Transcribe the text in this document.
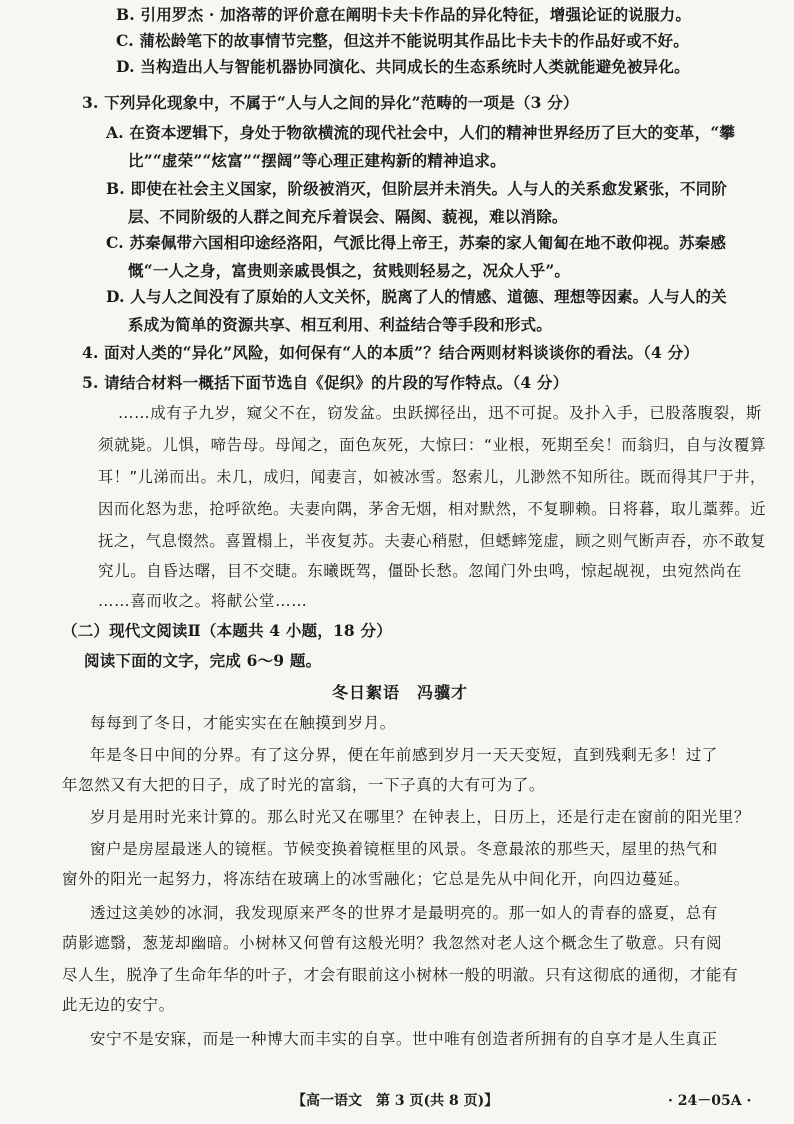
B. 引用罗杰 · 加洛蒂的评价意在阐明卡夫卡作品的异化特征，增强论证的说服力。
C. 蒲松龄笔下的故事情节完整，但这并不能说明其作品比卡夫卡的作品好或不好。
D. 当构造出人与智能机器协同演化、共同成长的生态系统时人类就能避免被异化。
3. 下列异化现象中，不属于“人与人之间的异化”范畴的一项是（3 分）
A. 在资本逻辑下，身处于物欲横流的现代社会中，人们的精神世界经历了巨大的变革，“攀
比”“虚荣”“炫富”“摆阔”等心理正建构新的精神追求。
B. 即使在社会主义国家，阶级被消灭，但阶层并未消失。人与人的关系愈发紧张，不同阶
层、不同阶级的人群之间充斥着误会、隔阂、藐视，难以消除。
C. 苏秦佩带六国相印途经洛阳，气派比得上帝王，苏秦的家人匍匐在地不敢仰视。苏秦感
慨“一人之身，富贵则亲戚畏惧之，贫贱则轻易之，况众人乎”。
D. 人与人之间没有了原始的人文关怀，脱离了人的情感、道德、理想等因素。人与人的关
系成为简单的资源共享、相互利用、利益结合等手段和形式。
4. 面对人类的“异化”风险，如何保有“人的本质”？结合两则材料谈谈你的看法。（4 分）
5. 请结合材料一概括下面节选自《促织》的片段的写作特点。（4 分）
……成有子九岁，窥父不在，窃发盆。虫跃掷径出，迅不可捉。及扑入手，已股落腹裂，斯
须就毙。儿惧，啼告母。母闻之，面色灰死，大惊曰：“业根，死期至矣！而翁归，自与汝覆算
耳！”儿涕而出。未几，成归，闻妻言，如被冰雪。怒索儿，儿渺然不知所往。既而得其尸于井，
因而化怒为悲，抢呼欲绝。夫妻向隅，茅舍无烟，相对默然，不复聊赖。日将暮，取儿藁葬。近
抚之，气息惙然。喜置榻上，半夜复苏。夫妻心稍慰，但蟋蟀笼虚，顾之则气断声吞，亦不敢复
究儿。自昏达曙，目不交睫。东曦既驾，僵卧长愁。忽闻门外虫鸣，惊起觇视，虫宛然尚在
……喜而收之。将献公堂……
（二）现代文阅读Ⅱ（本题共 4 小题，18 分）
阅读下面的文字，完成 6～9 题。
冬日絮语　冯骥才
每每到了冬日，才能实实在在触摸到岁月。
年是冬日中间的分界。有了这分界，便在年前感到岁月一天天变短，直到残剩无多！过了
年忽然又有大把的日子，成了时光的富翁，一下子真的大有可为了。
岁月是用时光来计算的。那么时光又在哪里？在钟表上，日历上，还是行走在窗前的阳光里？
窗户是房屋最迷人的镜框。节候变换着镜框里的风景。冬意最浓的那些天，屋里的热气和
窗外的阳光一起努力，将冻结在玻璃上的冰雪融化；它总是先从中间化开，向四边蔓延。
透过这美妙的冰洞，我发现原来严冬的世界才是最明亮的。那一如人的青春的盛夏，总有
荫影遮翳，葱茏却幽暗。小树林又何曾有这般光明？我忽然对老人这个概念生了敬意。只有阅
尽人生，脱净了生命年华的叶子，才会有眼前这小树林一般的明澈。只有这彻底的通彻，才能有
此无边的安宁。
安宁不是安寐，而是一种博大而丰实的自享。世中唯有创造者所拥有的自享才是人生真正
【高一语文　第 3 页(共 8 页)】	· 24－05A ·
